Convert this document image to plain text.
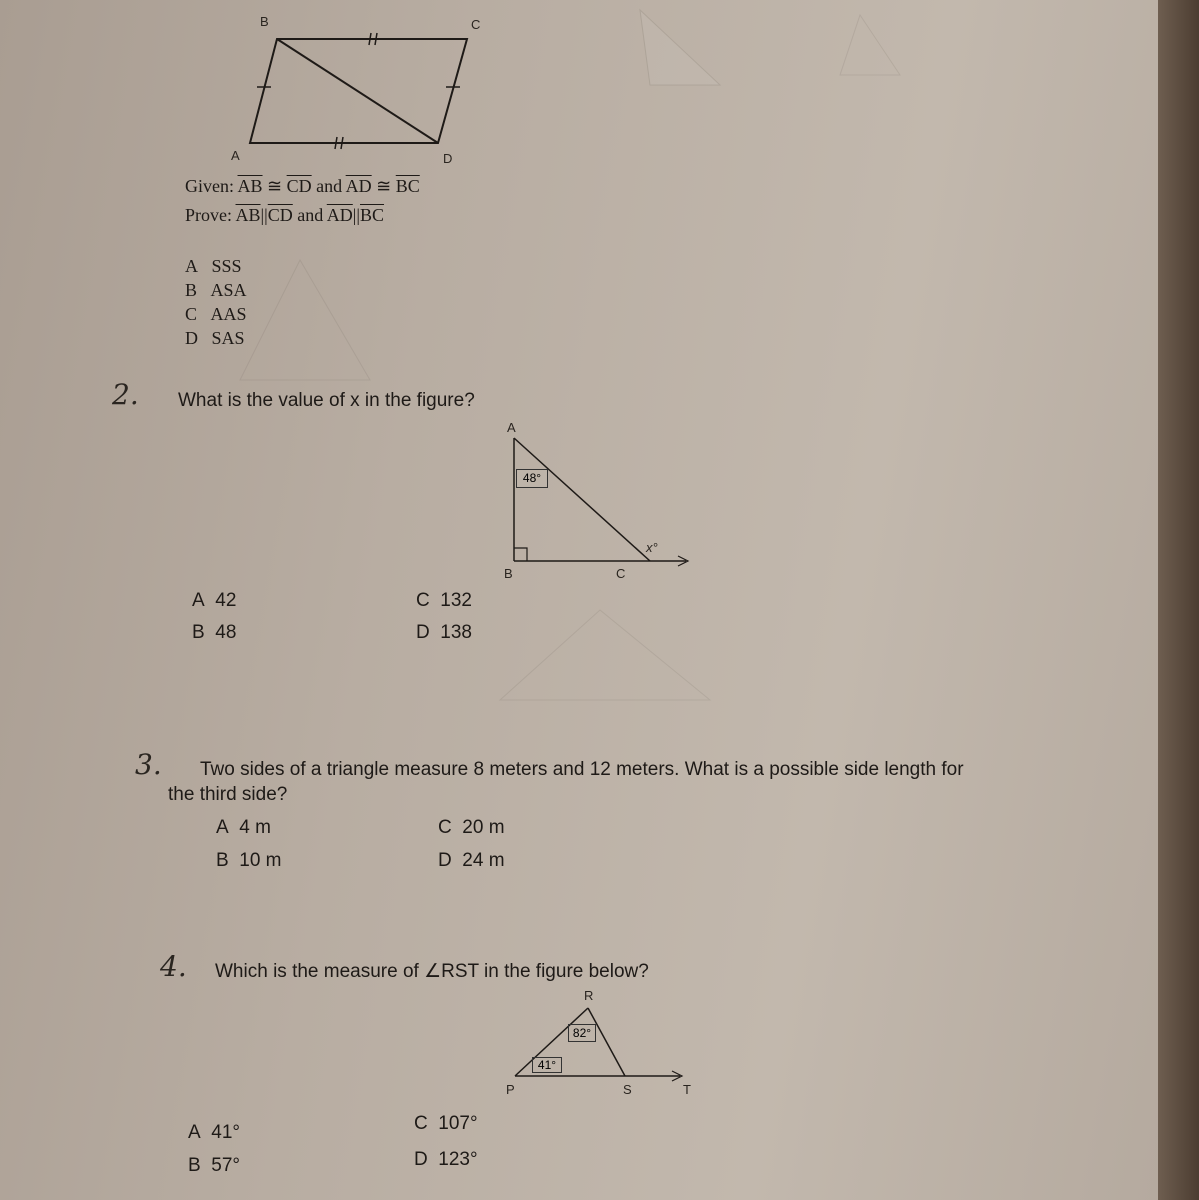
B	C
A	D
Given: $\overline{AB}$ ≅ $\overline{CD}$ and $\overline{AD}$ ≅ $\overline{BC}$
Prove: $\overline{AB}||\overline{CD}$ and $\overline{AD}||\overline{BC}$
A SSS
B ASA
C AAS
D SAS
2. What is the value of x in the figure?
A
48°
B	C
x°
A 42
B 48
C 132
D 138
3. Two sides of a triangle measure 8 meters and 12 meters. What is a possible side length for
the third side?
A 4 m
B 10 m
C 20 m
D 24 m
4. Which is the measure of ∠RST in the figure below?
R
82°
41°
P	S	T
A 41°
B 57°
C 107°
D 123°
